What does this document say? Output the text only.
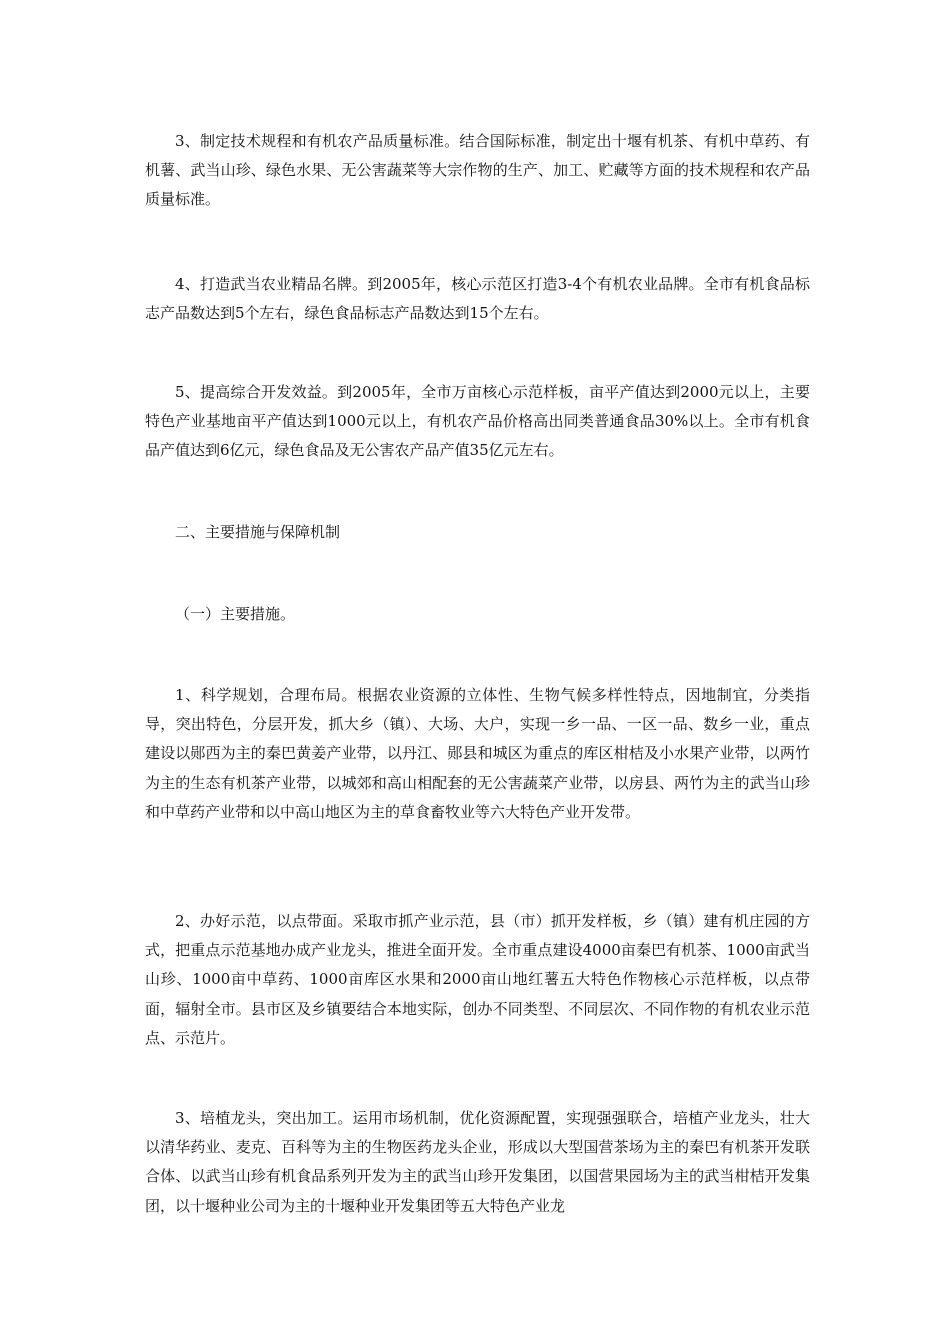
3、制定技术规程和有机农产品质量标准。结合国际标准，制定出十堰有机茶、有机中草药、有机薯、武当山珍、绿色水果、无公害蔬菜等大宗作物的生产、加工、贮藏等方面的技术规程和农产品质量标准。

4、打造武当农业精品名牌。到2005年，核心示范区打造3-4个有机农业品牌。全市有机食品标志产品数达到5个左右，绿色食品标志产品数达到15个左右。

5、提高综合开发效益。到2005年，全市万亩核心示范样板，亩平产值达到2000元以上，主要特色产业基地亩平产值达到1000元以上，有机农产品价格高出同类普通食品30%以上。全市有机食品产值达到6亿元，绿色食品及无公害农产品产值35亿元左右。

二、主要措施与保障机制

（一）主要措施。

1、科学规划，合理布局。根据农业资源的立体性、生物气候多样性特点，因地制宜，分类指导，突出特色，分层开发，抓大乡（镇）、大场、大户，实现一乡一品、一区一品、数乡一业，重点建设以郧西为主的秦巴黄姜产业带，以丹江、郧县和城区为重点的库区柑桔及小水果产业带，以两竹为主的生态有机茶产业带，以城郊和高山相配套的无公害蔬菜产业带，以房县、两竹为主的武当山珍和中草药产业带和以中高山地区为主的草食畜牧业等六大特色产业开发带。

2、办好示范，以点带面。采取市抓产业示范，县（市）抓开发样板，乡（镇）建有机庄园的方式，把重点示范基地办成产业龙头，推进全面开发。全市重点建设4000亩秦巴有机茶、1000亩武当山珍、1000亩中草药、1000亩库区水果和2000亩山地红薯五大特色作物核心示范样板，以点带面，辐射全市。县市区及乡镇要结合本地实际，创办不同类型、不同层次、不同作物的有机农业示范点、示范片。

3、培植龙头，突出加工。运用市场机制，优化资源配置，实现强强联合，培植产业龙头，壮大以清华药业、麦克、百科等为主的生物医药龙头企业，形成以大型国营茶场为主的秦巴有机茶开发联合体、以武当山珍有机食品系列开发为主的武当山珍开发集团，以国营果园场为主的武当柑桔开发集团，以十堰种业公司为主的十堰种业开发集团等五大特色产业龙
